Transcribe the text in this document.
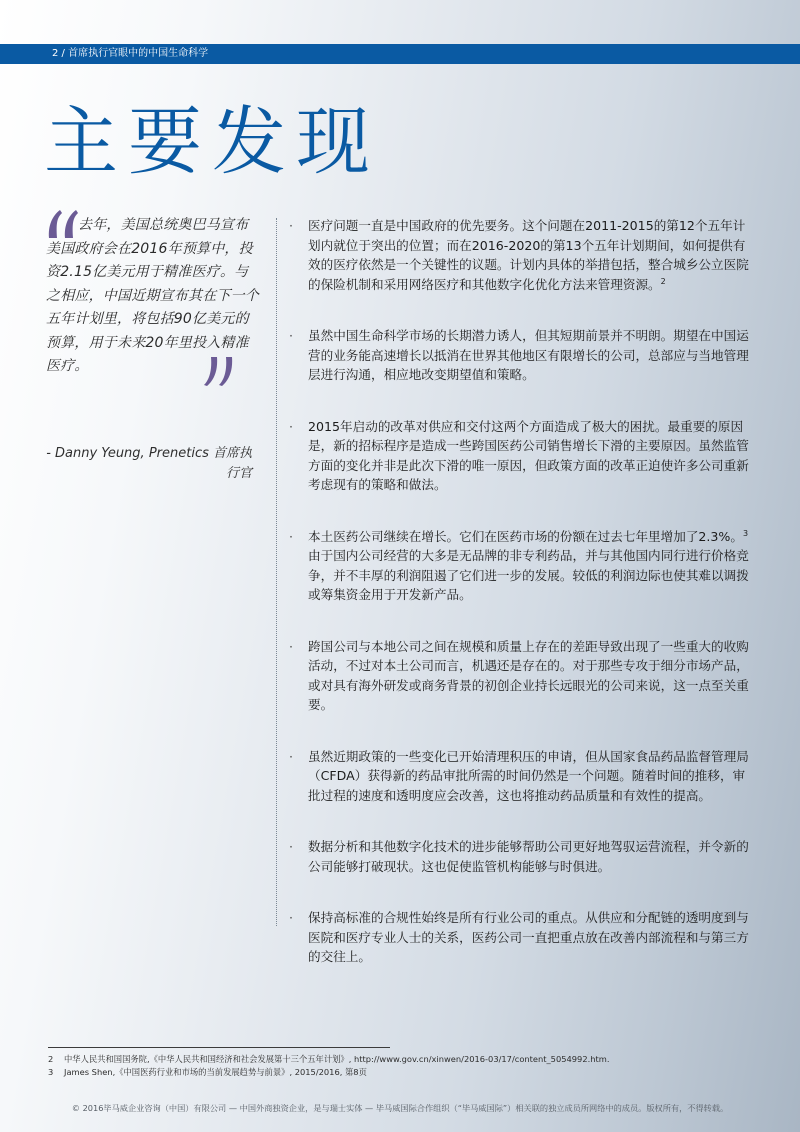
2 / 首席执行官眼中的中国生命科学
主要发现

去年，美国总统奥巴马宣布美国政府会在2016年预算中，投资2.15亿美元用于精准医疗。与之相应，中国近期宣布其在下一个五年计划里，将包括90亿美元的预算，用于未来20年里投入精准医疗。

- Danny Yeung, Prenetics 首席执行官
· 医疗问题一直是中国政府的优先要务。这个问题在2011-2015的第12个五年计划内就位于突出的位置；而在2016-2020的第13个五年计划期间，如何提供有效的医疗依然是一个关键性的议题。计划内具体的举措包括，整合城乡公立医院的保险机制和采用网络医疗和其他数字化优化方法来管理资源。$^2$
· 虽然中国生命科学市场的长期潜力诱人，但其短期前景并不明朗。期望在中国运营的业务能高速增长以抵消在世界其他地区有限增长的公司，总部应与当地管理层进行沟通，相应地改变期望值和策略。
· 2015年启动的改革对供应和交付这两个方面造成了极大的困扰。最重要的原因是，新的招标程序是造成一些跨国医药公司销售增长下滑的主要原因。虽然监管方面的变化并非是此次下滑的唯一原因，但政策方面的改革正迫使许多公司重新考虑现有的策略和做法。
· 本土医药公司继续在增长。它们在医药市场的份额在过去七年里增加了2.3%。$^3$由于国内公司经营的大多是无品牌的非专利药品，并与其他国内同行进行价格竞争，并不丰厚的利润阻遏了它们进一步的发展。较低的利润边际也使其难以调拨或筹集资金用于开发新产品。
· 跨国公司与本地公司之间在规模和质量上存在的差距导致出现了一些重大的收购活动，不过对本土公司而言，机遇还是存在的。对于那些专攻于细分市场产品，或对具有海外研发或商务背景的初创企业持长远眼光的公司来说，这一点至关重要。
· 虽然近期政策的一些变化已开始清理积压的申请，但从国家食品药品监督管理局（CFDA）获得新的药品审批所需的时间仍然是一个问题。随着时间的推移，审批过程的速度和透明度应会改善，这也将推动药品质量和有效性的提高。
· 数据分析和其他数字化技术的进步能够帮助公司更好地驾驭运营流程，并令新的公司能够打破现状。这也促使监管机构能够与时俱进。
· 保持高标准的合规性始终是所有行业公司的重点。从供应和分配链的透明度到与医院和医疗专业人士的关系，医药公司一直把重点放在改善内部流程和与第三方的交往上。
2	中华人民共和国国务院,《中华人民共和国经济和社会发展第十三个五年计划》, http://www.gov.cn/xinwen/2016-03/17/content_5054992.htm.
3	James Shen,《中国医药行业和市场的当前发展趋势与前景》, 2015/2016, 第8页
© 2016毕马威企业咨询（中国）有限公司 — 中国外商独资企业，是与瑞士实体 — 毕马威国际合作组织（“毕马威国际”）相关联的独立成员所网络中的成员。版权所有，不得转载。
